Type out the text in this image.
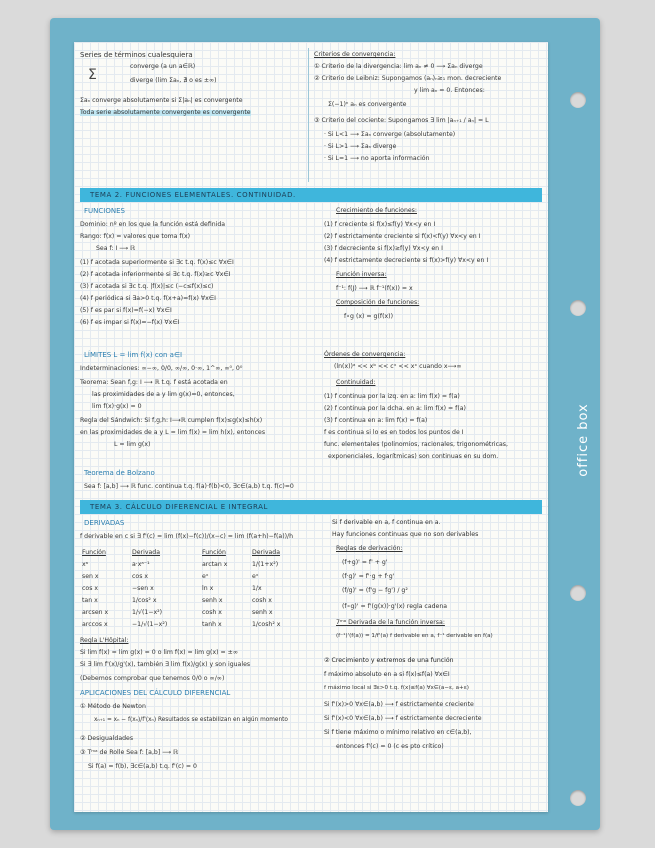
office box
Series de términos cualesquiera
Σ
converge (a un a∈ℝ)
diverge (lim Σaₙ, ∄ o es ±∞)
Σaₙ converge absolutamente si Σ|aₙ| es convergente
Toda serie absolutamente convergente es convergente
Criterios de convergencia:
① Criterio de la divergencia: lim aₙ ≠ 0 ⟶ Σaₙ diverge
② Criterio de Leibniz: Supongamos (aₙ)ₙ≥₁ mon. decreciente
y lim aₙ = 0. Entonces:
Σ(−1)ⁿ aₙ es convergente
③ Criterio del cociente: Supongamos ∃ lim |aₙ₊₁ / aₙ| = L
· Si L<1 ⟶ Σaₙ converge (absolutamente)
· Si L>1 ⟶ Σaₙ diverge
· Si L=1 ⟶ no aporta información
TEMA 2. FUNCIONES ELEMENTALES. CONTINUIDAD.
FUNCIONES
Dominio: nº en los que la función está definida
Rango: f(x) = valores que toma f(x)
Sea f: I ⟶ ℝ
(1) f acotada superiormente si ∃c t.q. f(x)≤c ∀x∈I
(2) f acotada inferiormente si ∃c t.q. f(x)≥c ∀x∈I
(3) f acotada si ∃c t.q. |f(x)|≤c (−c≤f(x)≤c)
(4) f periódica si ∃a>0 t.q. f(x+a)=f(x) ∀x∈I
(5) f es par si f(x)=f(−x) ∀x∈I
(6) f es impar si f(x)=−f(x) ∀x∈I
Crecimiento de funciones:
(1) f creciente si f(x)≤f(y) ∀x<y en I
(2) f estrictamente creciente si f(x)<f(y) ∀x<y en I
(3) f decreciente si f(x)≥f(y) ∀x<y en I
(4) f estrictamente decreciente si f(x)>f(y) ∀x<y en I
Función inversa:
f⁻¹: f(J) ⟶ ℝ f⁻¹(f(x)) = x
Composición de funciones:
f∘g (x) = g(f(x))
LÍMITES L = lim f(x) con a∈I
Indeterminaciones: ∞−∞, 0/0, ∞/∞, 0·∞, 1^∞, ∞⁰, 0⁰
Teorema: Sean f,g: I ⟶ ℝ t.q. f está acotada en
las proximidades de a y lim g(x)=0, entonces,
lim f(x)·g(x) = 0
Regla del Sándwich: Si f,g,h: I⟶ℝ cumplen f(x)≤g(x)≤h(x)
en las proximidades de a y L = lim f(x) = lim h(x), entonces
L = lim g(x)
Órdenes de convergencia:
(ln(x))ᵃ << xᵇ << cˣ << xˣ cuando x⟶∞
Continuidad:
(1) f continua por la izq. en a: lim f(x) = f(a)
(2) f continua por la dcha. en a: lim f(x) = f(a)
(3) f continua en a: lim f(x) = f(a)
f es continua si lo es en todos los puntos de I
func. elementales (polinomios, racionales, trigonométricas,
exponenciales, logarítmicas) son continuas en su dom.
Teorema de Bolzano
Sea f: [a,b] ⟶ ℝ func. continua t.q. f(a)·f(b)<0, ∃c∈(a,b) t.q. f(c)=0
TEMA 3. CÁLCULO DIFERENCIAL E INTEGRAL
DERIVADAS
f derivable en c si ∃ f'(c) = lim (f(x)−f(c))/(x−c) = lim (f(a+h)−f(a))/h
Función	Derivada	Función	Derivada
xᵃ	a·xᵃ⁻¹	arctan x	1/(1+x²)
sen x	cos x	eˣ	eˣ
cos x	−sen x	ln x	1/x
tan x	1/cos² x	senh x	cosh x
arcsen x	1/√(1−x²)	cosh x	senh x
arccos x	−1/√(1−x²)	tanh x	1/cosh² x
Regla L'Hôpital:
Si lim f(x) = lim g(x) = 0 o lim f(x) = lim g(x) = ±∞
Si ∃ lim f'(x)/g'(x), también ∃ lim f(x)/g(x) y son iguales
(Debemos comprobar que tenemos 0/0 o ∞/∞)
Si f derivable en a, f continua en a.
Hay funciones continuas que no son derivables
Reglas de derivación:
(f+g)' = f' + g'
(f·g)' = f'·g + f·g'
(f/g)' = (f'g − fg') / g²
(f∘g)' = f'(g(x))·g'(x) regla cadena
7ᵐᵃ Derivada de la función inversa:
(f⁻¹)'(f(a)) = 1/f'(a) f derivable en a, f⁻¹ derivable en f(a)
APLICACIONES DEL CÁLCULO DIFERENCIAL
① Método de Newton
xₙ₊₁ = xₙ − f(xₙ)/f'(xₙ) Resultados se estabilizan en algún momento
② Desigualdades
③ Tᵐᵃ de Rolle Sea f: [a,b] ⟶ ℝ
Si f(a) = f(b), ∃c∈(a,b) t.q. f'(c) = 0
② Crecimiento y extremos de una función
f máximo absoluto en a si f(x)≤f(a) ∀x∈I
f máximo local si ∃ε>0 t.q. f(x)≤f(a) ∀x∈(a−ε, a+ε)
Si f'(x)>0 ∀x∈(a,b) ⟶ f estrictamente creciente
Si f'(x)<0 ∀x∈(a,b) ⟶ f estrictamente decreciente
Si f tiene máximo o mínimo relativo en c∈(a,b),
entonces f'(c) = 0 (c es pto crítico)
